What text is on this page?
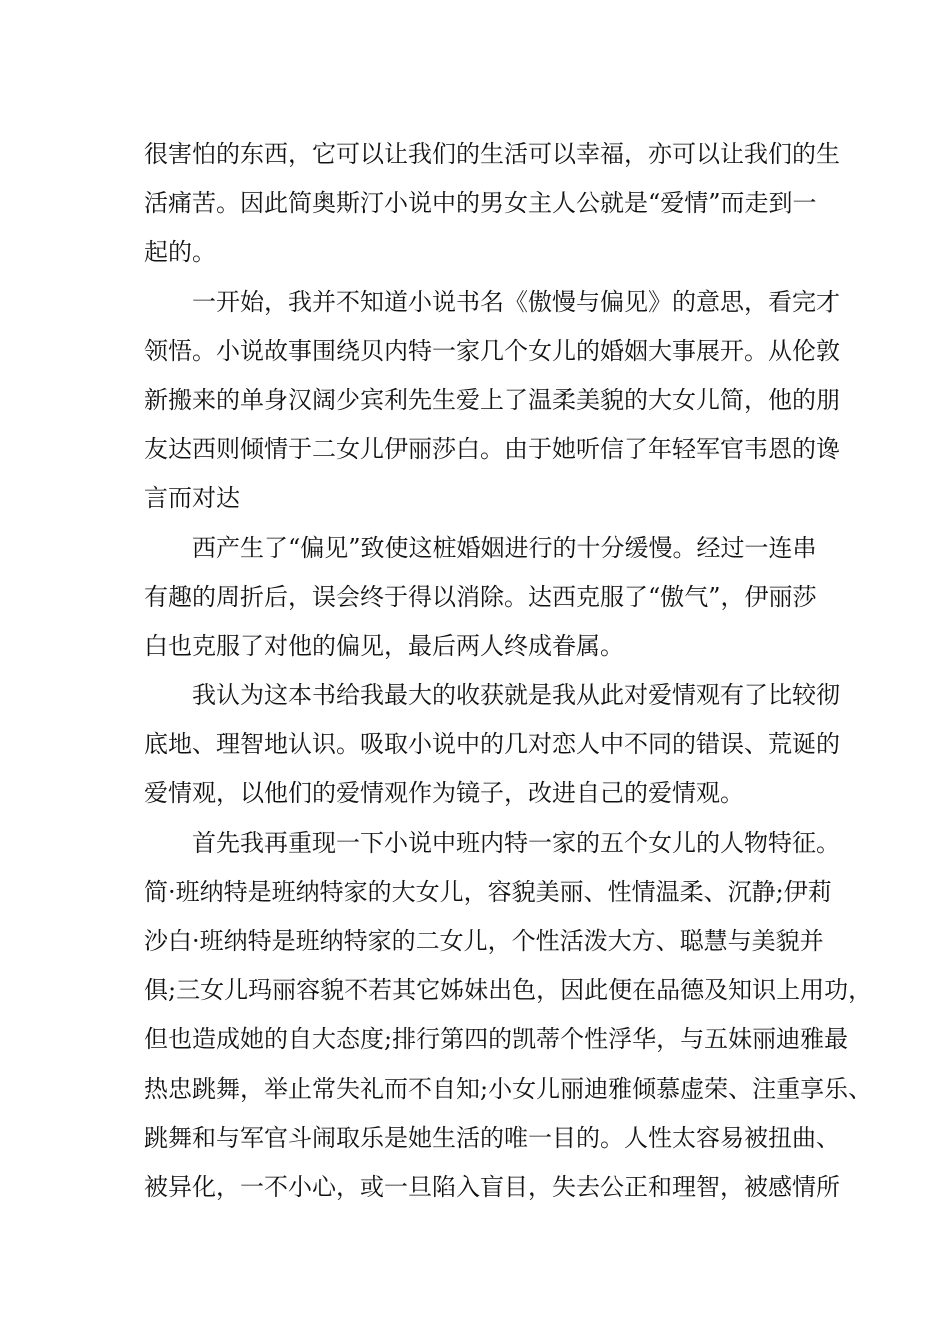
很害怕的东西，它可以让我们的生活可以幸福，亦可以让我们的生
活痛苦。因此简奥斯汀小说中的男女主人公就是“爱情”而走到一
起的。
一开始，我并不知道小说书名《傲慢与偏见》的意思，看完才
领悟。小说故事围绕贝内特一家几个女儿的婚姻大事展开。从伦敦
新搬来的单身汉阔少宾利先生爱上了温柔美貌的大女儿简，他的朋
友达西则倾情于二女儿伊丽莎白。由于她听信了年轻军官韦恩的谗
言而对达
西产生了“偏见”致使这桩婚姻进行的十分缓慢。经过一连串
有趣的周折后，误会终于得以消除。达西克服了“傲气”，伊丽莎
白也克服了对他的偏见，最后两人终成眷属。
我认为这本书给我最大的收获就是我从此对爱情观有了比较彻
底地、理智地认识。吸取小说中的几对恋人中不同的错误、荒诞的
爱情观，以他们的爱情观作为镜子，改进自己的爱情观。
首先我再重现一下小说中班内特一家的五个女儿的人物特征。
简·班纳特是班纳特家的大女儿，容貌美丽、性情温柔、沉静;伊莉
沙白·班纳特是班纳特家的二女儿，个性活泼大方、聪慧与美貌并
俱;三女儿玛丽容貌不若其它姊妹出色，因此便在品德及知识上用功，
但也造成她的自大态度;排行第四的凯蒂个性浮华，与五妹丽迪雅最
热忠跳舞，举止常失礼而不自知;小女儿丽迪雅倾慕虚荣、注重享乐、
跳舞和与军官斗闹取乐是她生活的唯一目的。人性太容易被扭曲、
被异化，一不小心，或一旦陷入盲目，失去公正和理智，被感情所
